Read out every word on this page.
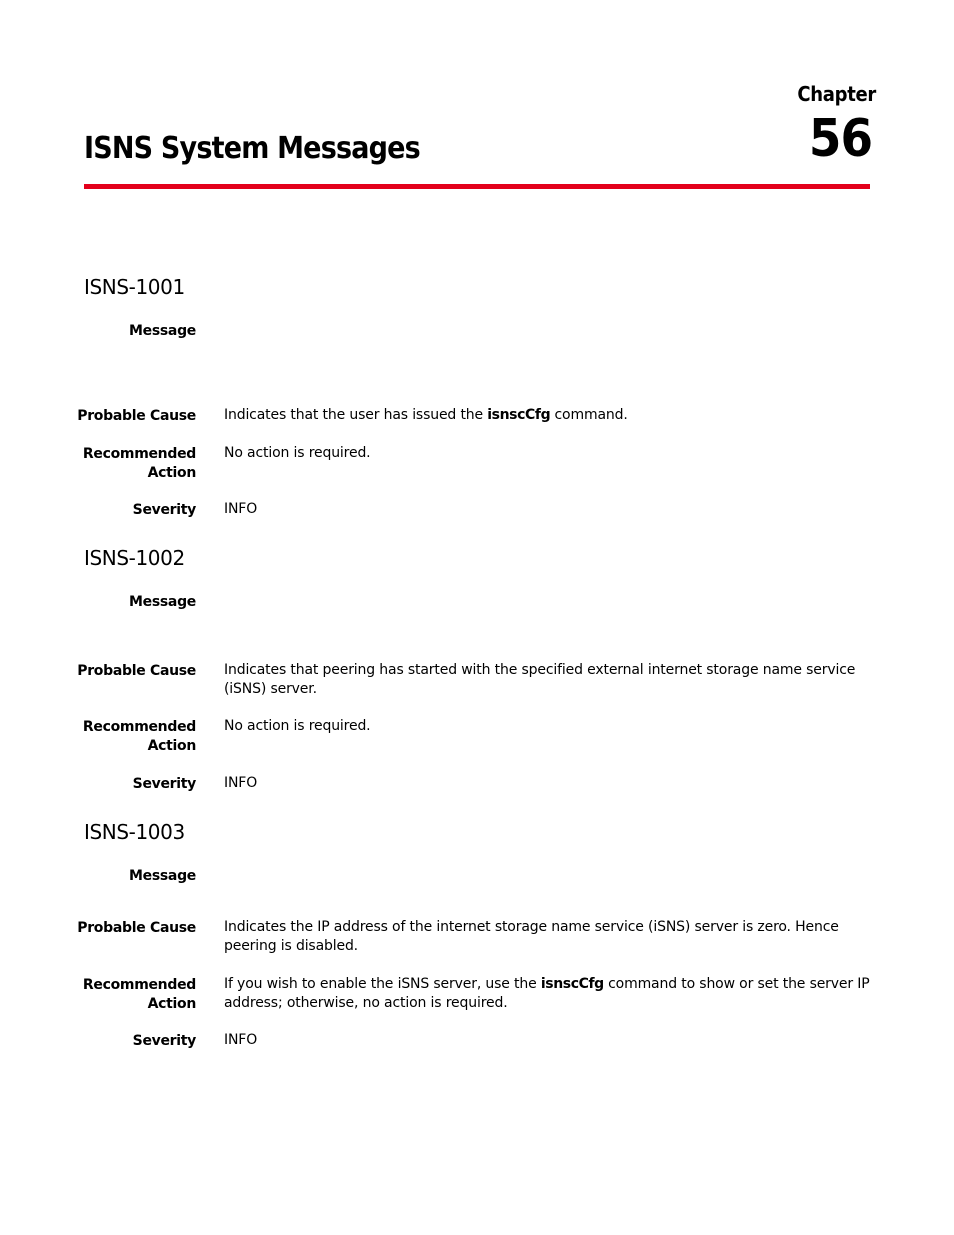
Chapter
56
ISNS System Messages
ISNS-1001
Message
Probable Cause Indicates that the user has issued the isnscCfg command.
Recommended
Action
No action is required.
Severity INFO
ISNS-1002
Message
Probable Cause Indicates that peering has started with the specified external internet storage name service (iSNS) server.
Recommended
Action
No action is required.
Severity INFO
ISNS-1003
Message
Probable Cause Indicates the IP address of the internet storage name service (iSNS) server is zero. Hence peering is disabled.
Recommended
Action
If you wish to enable the iSNS server, use the isnscCfg command to show or set the server IP address; otherwise, no action is required.
Severity INFO
